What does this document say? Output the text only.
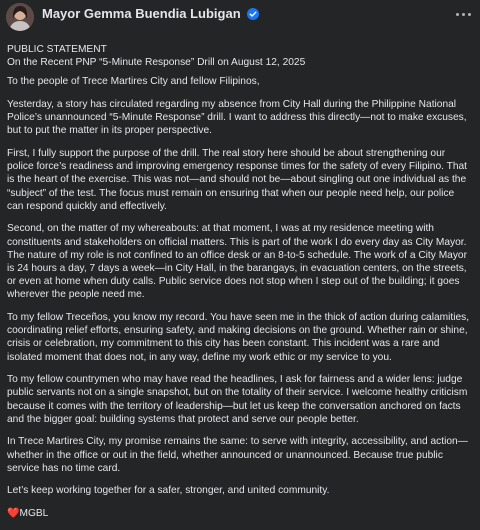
Mayor Gemma Buendia Lubigan

PUBLIC STATEMENT
On the Recent PNP “5-Minute Response” Drill on August 12, 2025

To the people of Trece Martires City and fellow Filipinos,

Yesterday, a story has circulated regarding my absence from City Hall during the Philippine National Police’s unannounced “5-Minute Response” drill. I want to address this directly—not to make excuses, but to put the matter in its proper perspective.

First, I fully support the purpose of the drill. The real story here should be about strengthening our police force’s readiness and improving emergency response times for the safety of every Filipino. That is the heart of the exercise. This was not—and should not be—about singling out one individual as the “subject” of the test. The focus must remain on ensuring that when our people need help, our police can respond quickly and effectively.

Second, on the matter of my whereabouts: at that moment, I was at my residence meeting with constituents and stakeholders on official matters. This is part of the work I do every day as City Mayor. The nature of my role is not confined to an office desk or an 8-to-5 schedule. The work of a City Mayor is 24 hours a day, 7 days a week—in City Hall, in the barangays, in evacuation centers, on the streets, or even at home when duty calls. Public service does not stop when I step out of the building; it goes wherever the people need me.

To my fellow Treceños, you know my record. You have seen me in the thick of action during calamities, coordinating relief efforts, ensuring safety, and making decisions on the ground. Whether rain or shine, crisis or celebration, my commitment to this city has been constant. This incident was a rare and isolated moment that does not, in any way, define my work ethic or my service to you.

To my fellow countrymen who may have read the headlines, I ask for fairness and a wider lens: judge public servants not on a single snapshot, but on the totality of their service. I welcome healthy criticism because it comes with the territory of leadership—but let us keep the conversation anchored on facts and the bigger goal: building systems that protect and serve our people better.

In Trece Martires City, my promise remains the same: to serve with integrity, accessibility, and action—whether in the office or out in the field, whether announced or unannounced. Because true public service has no time card.

Let’s keep working together for a safer, stronger, and united community.

❤️MGBL
